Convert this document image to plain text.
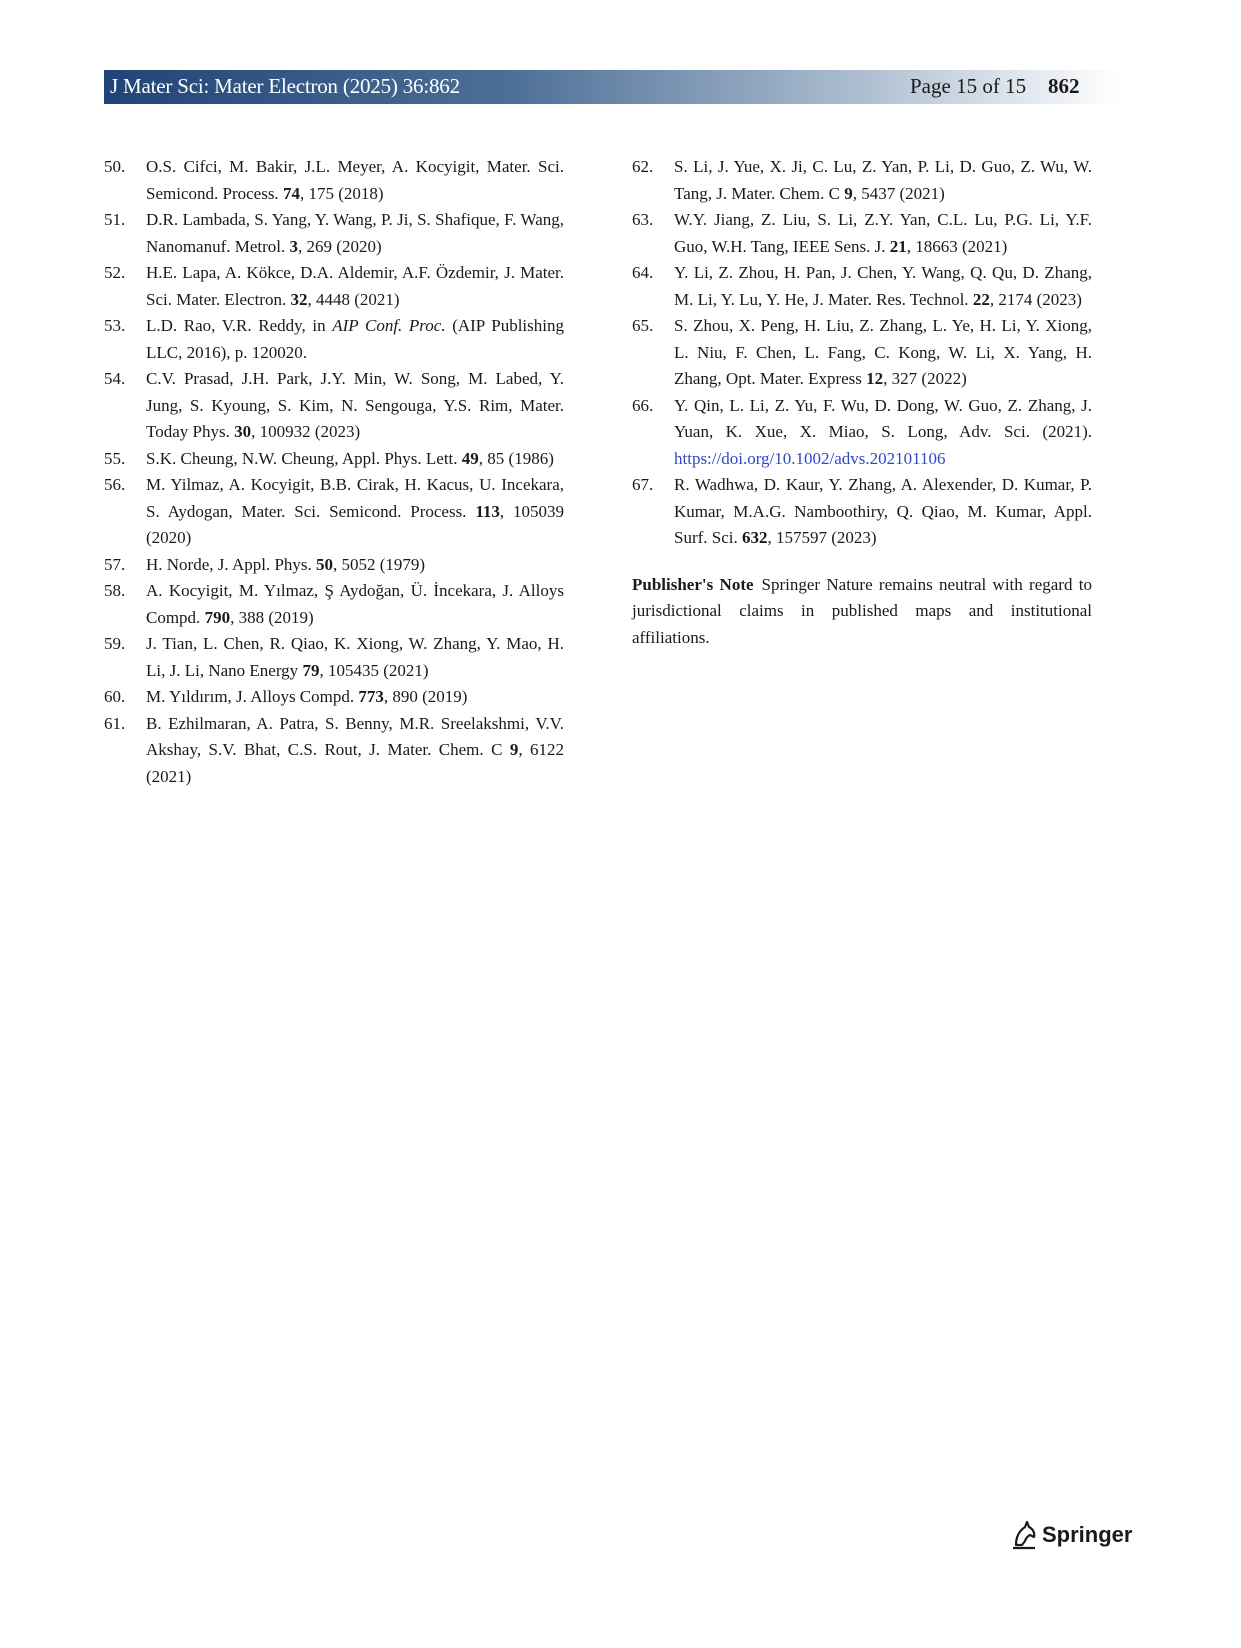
J Mater Sci: Mater Electron (2025) 36:862	Page 15 of 15 862
50. O.S. Cifci, M. Bakir, J.L. Meyer, A. Kocyigit, Mater. Sci. Semicond. Process. 74, 175 (2018)
51. D.R. Lambada, S. Yang, Y. Wang, P. Ji, S. Shafique, F. Wang, Nanomanuf. Metrol. 3, 269 (2020)
52. H.E. Lapa, A. Kökce, D.A. Aldemir, A.F. Özdemir, J. Mater. Sci. Mater. Electron. 32, 4448 (2021)
53. L.D. Rao, V.R. Reddy, in AIP Conf. Proc. (AIP Publishing LLC, 2016), p. 120020.
54. C.V. Prasad, J.H. Park, J.Y. Min, W. Song, M. Labed, Y. Jung, S. Kyoung, S. Kim, N. Sengouga, Y.S. Rim, Mater. Today Phys. 30, 100932 (2023)
55. S.K. Cheung, N.W. Cheung, Appl. Phys. Lett. 49, 85 (1986)
56. M. Yilmaz, A. Kocyigit, B.B. Cirak, H. Kacus, U. Incekara, S. Aydogan, Mater. Sci. Semicond. Process. 113, 105039 (2020)
57. H. Norde, J. Appl. Phys. 50, 5052 (1979)
58. A. Kocyigit, M. Yılmaz, Ş Aydoğan, Ü. İncekara, J. Alloys Compd. 790, 388 (2019)
59. J. Tian, L. Chen, R. Qiao, K. Xiong, W. Zhang, Y. Mao, H. Li, J. Li, Nano Energy 79, 105435 (2021)
60. M. Yıldırım, J. Alloys Compd. 773, 890 (2019)
61. B. Ezhilmaran, A. Patra, S. Benny, M.R. Sreelakshmi, V.V. Akshay, S.V. Bhat, C.S. Rout, J. Mater. Chem. C 9, 6122 (2021)
62. S. Li, J. Yue, X. Ji, C. Lu, Z. Yan, P. Li, D. Guo, Z. Wu, W. Tang, J. Mater. Chem. C 9, 5437 (2021)
63. W.Y. Jiang, Z. Liu, S. Li, Z.Y. Yan, C.L. Lu, P.G. Li, Y.F. Guo, W.H. Tang, IEEE Sens. J. 21, 18663 (2021)
64. Y. Li, Z. Zhou, H. Pan, J. Chen, Y. Wang, Q. Qu, D. Zhang, M. Li, Y. Lu, Y. He, J. Mater. Res. Technol. 22, 2174 (2023)
65. S. Zhou, X. Peng, H. Liu, Z. Zhang, L. Ye, H. Li, Y. Xiong, L. Niu, F. Chen, L. Fang, C. Kong, W. Li, X. Yang, H. Zhang, Opt. Mater. Express 12, 327 (2022)
66. Y. Qin, L. Li, Z. Yu, F. Wu, D. Dong, W. Guo, Z. Zhang, J. Yuan, K. Xue, X. Miao, S. Long, Adv. Sci. (2021). https://doi.org/10.1002/advs.202101106
67. R. Wadhwa, D. Kaur, Y. Zhang, A. Alexender, D. Kumar, P. Kumar, M.A.G. Namboothiry, Q. Qiao, M. Kumar, Appl. Surf. Sci. 632, 157597 (2023)
Publisher's Note Springer Nature remains neutral with regard to jurisdictional claims in published maps and institutional affiliations.
Springer
